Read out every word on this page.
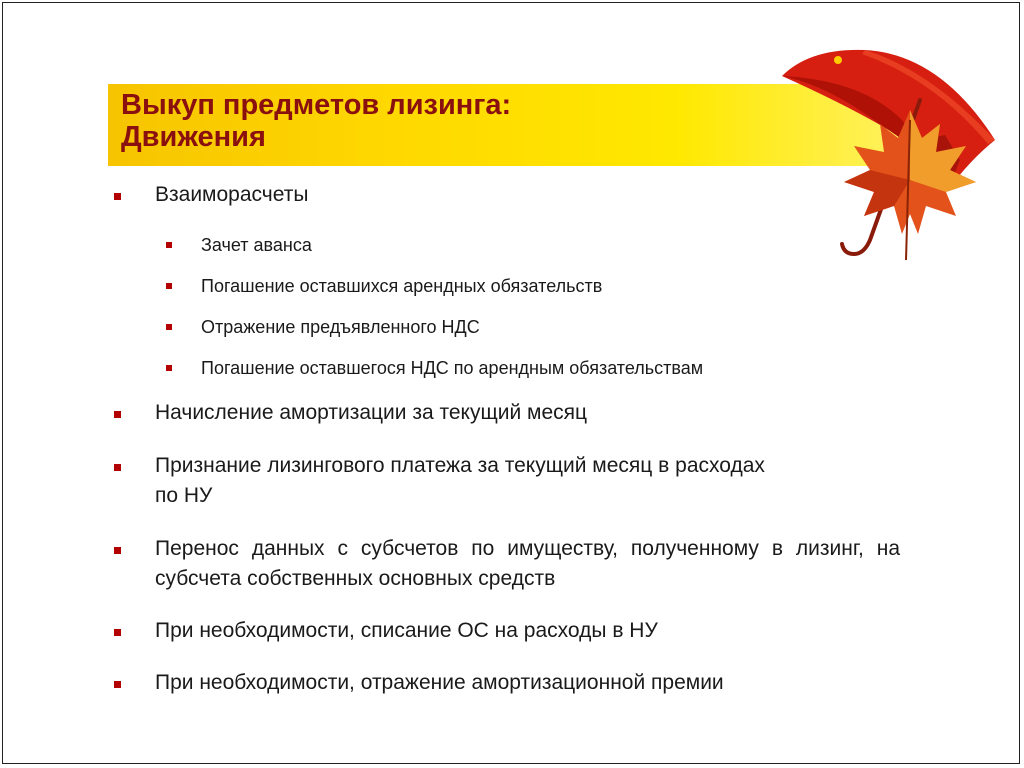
Выкуп предметов лизинга:
Движения
Взаиморасчеты
Зачет аванса
Погашение оставшихся арендных обязательств
Отражение предъявленного НДС
Погашение оставшегося НДС по арендным обязательствам
Начисление амортизации за текущий месяц
Признание лизингового платежа за текущий месяц в расходах по НУ
Перенос данных с субсчетов по имуществу, полученному в лизинг, на субсчета собственных основных средств
При необходимости, списание ОС на расходы в НУ
При необходимости, отражение амортизационной премии
